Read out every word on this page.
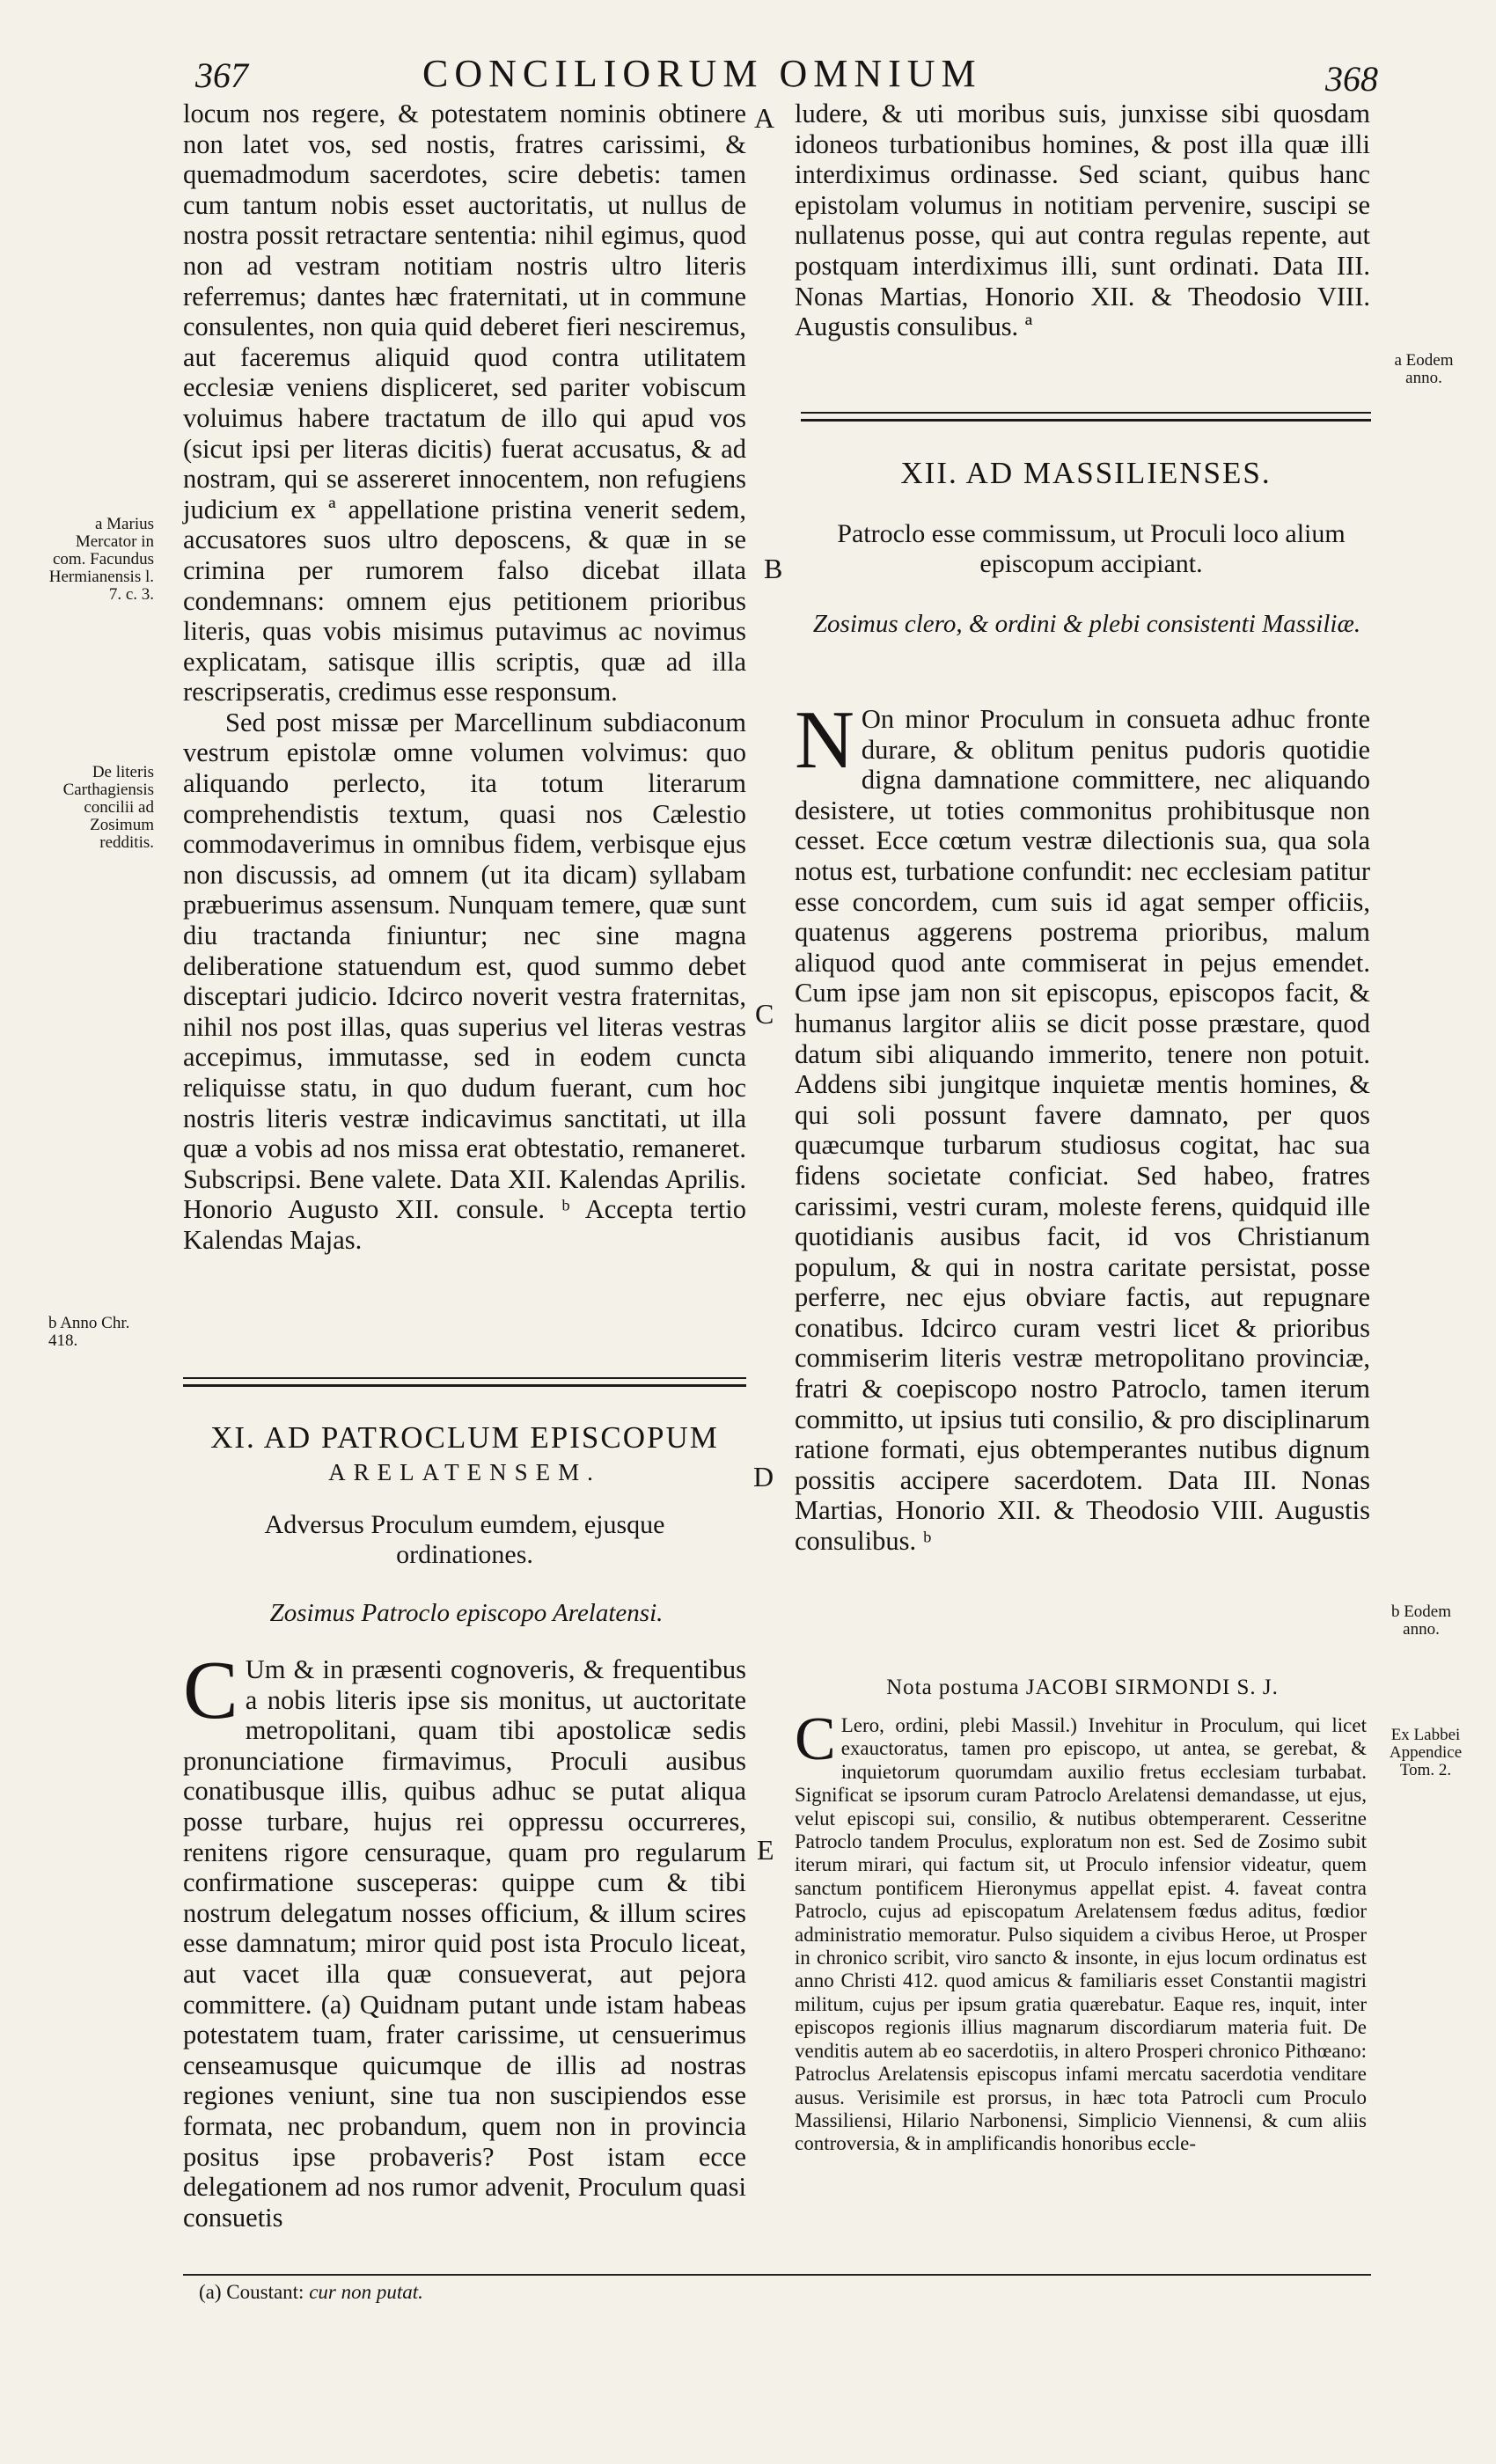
367	CONCILIORUM OMNIUM	368
A
B
C
D
E

locum nos regere, & potestatem nominis obtinere non latet vos, sed nostis, fratres carissimi, & quemadmodum sacerdotes, scire debetis: tamen cum tantum nobis esset auctoritatis, ut nullus de nostra possit retractare sententia: nihil egimus, quod non ad vestram notitiam nostris ultro literis referremus; dantes hæc fraternitati, ut in commune consulentes, non quia quid deberet fieri nesciremus, aut faceremus aliquid quod contra utilitatem ecclesiæ veniens displiceret, sed pariter vobiscum voluimus habere tractatum de illo qui apud vos (sicut ipsi per literas dicitis) fuerat accusatus, & ad nostram, qui se assereret innocentem, non refugiens judicium ex ª appellatione pristina venerit sedem, accusatores suos ultro deposcens, & quæ in se crimina per rumorem falso dicebat illata condemnans: omnem ejus petitionem prioribus literis, quas vobis misimus putavimus ac novimus explicatam, satisque illis scriptis, quæ ad illa rescripseratis, credimus esse responsum.

Sed post missæ per Marcellinum subdiaconum vestrum epistolæ omne volumen volvimus: quo aliquando perlecto, ita totum literarum comprehendistis textum, quasi nos Cælestio commodaverimus in omnibus fidem, verbisque ejus non discussis, ad omnem (ut ita dicam) syllabam præbuerimus assensum. Nunquam temere, quæ sunt diu tractanda finiuntur; nec sine magna deliberatione statuendum est, quod summo debet disceptari judicio. Idcirco noverit vestra fraternitas, nihil nos post illas, quas superius vel literas vestras accepimus, immutasse, sed in eodem cuncta reliquisse statu, in quo dudum fuerant, cum hoc nostris literis vestræ indicavimus sanctitati, ut illa quæ a vobis ad nos missa erat obtestatio, remaneret. Subscripsi. Bene valete. Data XII. Kalendas Aprilis. Honorio Augusto XII. consule. ᵇ Accepta tertio Kalendas Majas.

XI. AD PATROCLUM EPISCOPUM
ARELATENSEM.
Adversus Proculum eumdem, ejusque ordinationes.
Zosimus Patroclo episcopo Arelatensi.
C Um & in præsenti cognoveris, & frequentibus a nobis literis ipse sis monitus, ut auctoritate metropolitani, quam tibi apostolicæ sedis pronunciatione firmavimus, Proculi ausibus conatibusque illis, quibus adhuc se putat aliqua posse turbare, hujus rei oppressu occurreres, renitens rigore censuraque, quam pro regularum confirmatione susceperas: quippe cum & tibi nostrum delegatum nosses officium, & illum scires esse damnatum; miror quid post ista Proculo liceat, aut vacet illa quæ consueverat, aut pejora committere. (a) Quidnam putant unde istam habeas potestatem tuam, frater carissime, ut censuerimus censeamusque quicumque de illis ad nostras regiones veniunt, sine tua non suscipiendos esse formata, nec probandum, quem non in provincia positus ipse probaveris? Post istam ecce delegationem ad nos rumor advenit, Proculum quasi consuetis

ludere, & uti moribus suis, junxisse sibi quosdam idoneos turbationibus homines, & post illa quæ illi interdiximus ordinasse. Sed sciant, quibus hanc epistolam volumus in notitiam pervenire, suscipi se nullatenus posse, qui aut contra regulas repente, aut postquam interdiximus illi, sunt ordinati. Data III. Nonas Martias, Honorio XII. & Theodosio VIII. Augustis consulibus. ª

XII. AD MASSILIENSES.
Patroclo esse commissum, ut Proculi loco alium episcopum accipiant.
Zosimus clero, & ordini & plebi consistenti Massiliæ.
N On minor Proculum in consueta adhuc fronte durare, & oblitum penitus pudoris quotidie digna damnatione committere, nec aliquando desistere, ut toties commonitus prohibitusque non cesset. Ecce cœtum vestræ dilectionis sua, qua sola notus est, turbatione confundit: nec ecclesiam patitur esse concordem, cum suis id agat semper officiis, quatenus aggerens postrema prioribus, malum aliquod quod ante commiserat in pejus emendet. Cum ipse jam non sit episcopus, episcopos facit, & humanus largitor aliis se dicit posse præstare, quod datum sibi aliquando immerito, tenere non potuit. Addens sibi jungitque inquietæ mentis homines, & qui soli possunt favere damnato, per quos quæcumque turbarum studiosus cogitat, hac sua fidens societate conficiat. Sed habeo, fratres carissimi, vestri curam, moleste ferens, quidquid ille quotidianis ausibus facit, id vos Christianum populum, & qui in nostra caritate persistat, posse perferre, nec ejus obviare factis, aut repugnare conatibus. Idcirco curam vestri licet & prioribus commiserim literis vestræ metropolitano provinciæ, fratri & coepiscopo nostro Patroclo, tamen iterum committo, ut ipsius tuti consilio, & pro disciplinarum ratione formati, ejus obtemperantes nutibus dignum possitis accipere sacerdotem. Data III. Nonas Martias, Honorio XII. & Theodosio VIII. Augustis consulibus. ᵇ
Nota postuma JACOBI SIRMONDI S. J.
C Lero, ordini, plebi Massil.) Invehitur in Proculum, qui licet exauctoratus, tamen pro episcopo, ut antea, se gerebat, & inquietorum quorumdam auxilio fretus ecclesiam turbabat. Significat se ipsorum curam Patroclo Arelatensi demandasse, ut ejus, velut episcopi sui, consilio, & nutibus obtemperarent. Cesseritne Patroclo tandem Proculus, exploratum non est. Sed de Zosimo subit iterum mirari, qui factum sit, ut Proculo infensior videatur, quem sanctum pontificem Hieronymus appellat epist. 4. faveat contra Patroclo, cujus ad episcopatum Arelatensem fœdus aditus, fœdior administratio memoratur. Pulso siquidem a civibus Heroe, ut Prosper in chronico scribit, viro sancto & insonte, in ejus locum ordinatus est anno Christi 412. quod amicus & familiaris esset Constantii magistri militum, cujus per ipsum gratia quærebatur. Eaque res, inquit, inter episcopos regionis illius magnarum discordiarum materia fuit. De venditis autem ab eo sacerdotiis, in altero Prosperi chronico Pithœano: Patroclus Arelatensis episcopus infami mercatu sacerdotia venditare ausus. Verisimile est prorsus, in hæc tota Patrocli cum Proculo Massiliensi, Hilario Narbonensi, Simplicio Viennensi, & cum aliis controversia, & in amplificandis honoribus eccle-
a Marius Mercator in com. Facundus Hermianensis l. 7. c. 3.
De literis Carthagiensis concilii ad Zosimum redditis.
b Anno Chr. 418.
a Eodem anno.
b Eodem anno.
Ex Labbei Appendice Tom. 2.
(a) Coustant: cur non putat.
